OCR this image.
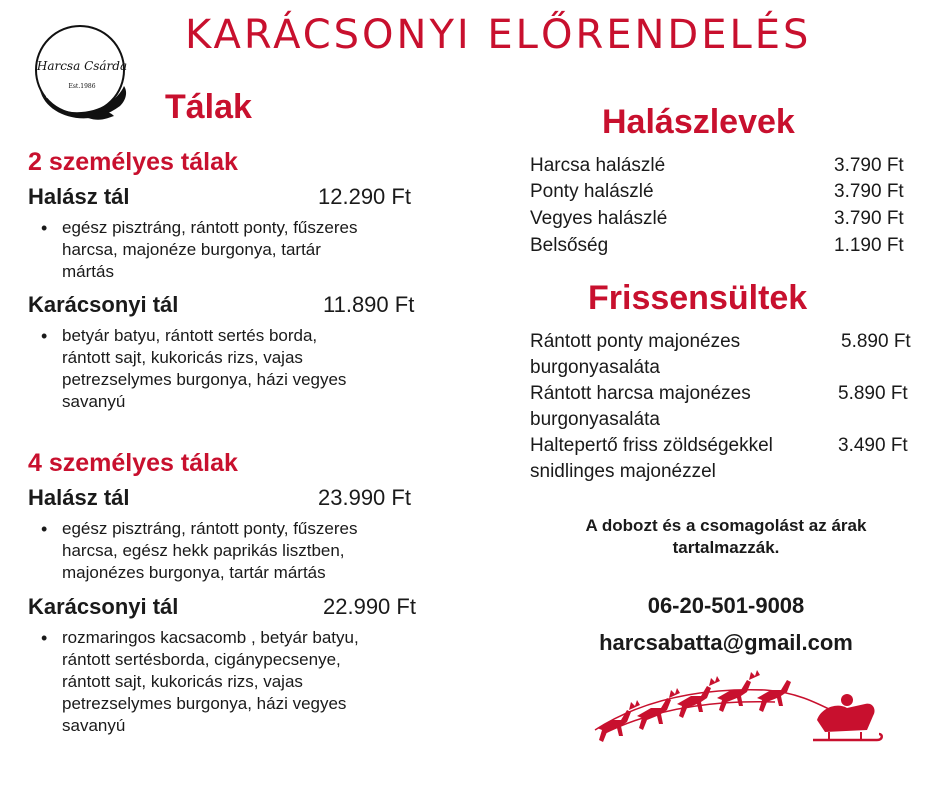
KARÁCSONYI ELŐRENDELÉS
Harcsa Csárda
Est.1986
Tálak
2 személyes tálak
Halász tál	12.290 Ft
• egész pisztráng, rántott ponty, fűszeres
harcsa, majonéze burgonya, tartár
mártás
Karácsonyi tál	11.890 Ft
• betyár batyu, rántott sertés borda,
rántott sajt, kukoricás rizs, vajas
petrezselymes burgonya, házi vegyes
savanyú
4 személyes tálak
Halász tál	23.990 Ft
• egész pisztráng, rántott ponty, fűszeres
harcsa, egész hekk paprikás lisztben,
majonézes burgonya, tartár mártás
Karácsonyi tál	22.990 Ft
• rozmaringos kacsacomb , betyár batyu,
rántott sertésborda, cigánypecsenye,
rántott sajt, kukoricás rizs, vajas
petrezselymes burgonya, házi vegyes
savanyú
Halászlevek
Harcsa halászlé	3.790 Ft
Ponty halászlé	3.790 Ft
Vegyes halászlé	3.790 Ft
Belsőség	1.190 Ft
Frissensültek
Rántott ponty majonézes
burgonyasaláta
5.890 Ft
Rántott harcsa majonézes
burgonyasaláta
5.890 Ft
Haltepertő friss zöldségekkel
snidlinges majonézzel
3.490 Ft
A dobozt és a csomagolást az árak
tartalmazzák.
06-20-501-9008
harcsabatta@gmail.com
